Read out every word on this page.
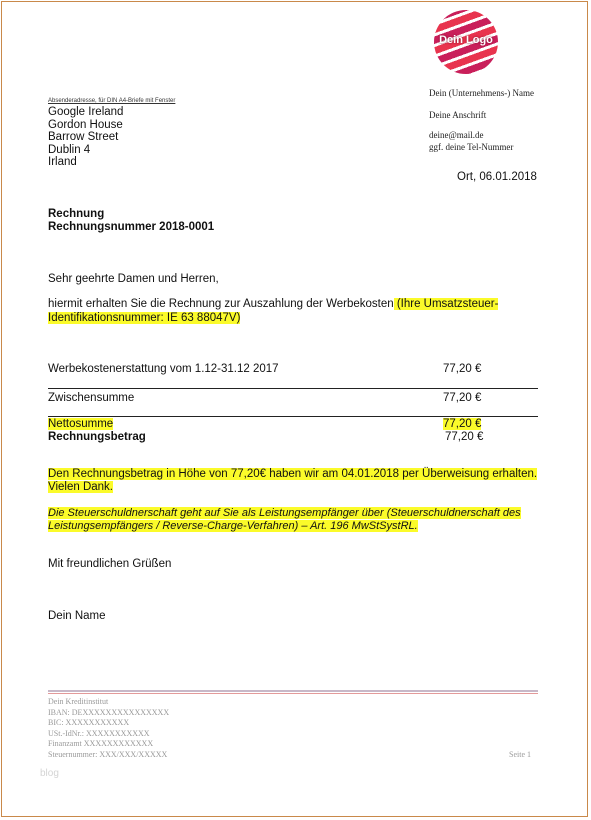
Dein Logo
Absenderadresse, für DIN A4-Briefe mit Fenster
Google Ireland
Gordon House
Barrow Street
Dublin 4
Irland
Dein (Unternehmens-) Name
Deine Anschrift
deine@mail.de
ggf. deine Tel-Nummer
Ort, 06.01.2018
Rechnung
Rechnungsnummer 2018-0001
Sehr geehrte Damen und Herren,
hiermit erhalten Sie die Rechnung zur Auszahlung der Werbekosten (Ihre Umsatzsteuer-
Identifikationsnummer: IE 63 88047V)
Werbekostenerstattung vom 1.12-31.12 2017	77,20 €
Zwischensumme	77,20 €
Nettosumme	77,20 €
Rechnungsbetrag	77,20 €
Den Rechnungsbetrag in Höhe von 77,20€ haben wir am 04.01.2018 per Überweisung erhalten.
Vielen Dank.
Die Steuerschuldnerschaft geht auf Sie als Leistungsempfänger über (Steuerschuldnerschaft des
Leistungsempfängers / Reverse-Charge-Verfahren) – Art. 196 MwStSystRL.
Mit freundlichen Grüßen
Dein Name
Dein Kreditinstitut
IBAN: DEXXXXXXXXXXXXXXX
BIC: XXXXXXXXXXX
USt.-IdNr.: XXXXXXXXXXX
Finanzamt XXXXXXXXXXXX
Steuernummer: XXX/XXX/XXXXX	Seite 1
blog
